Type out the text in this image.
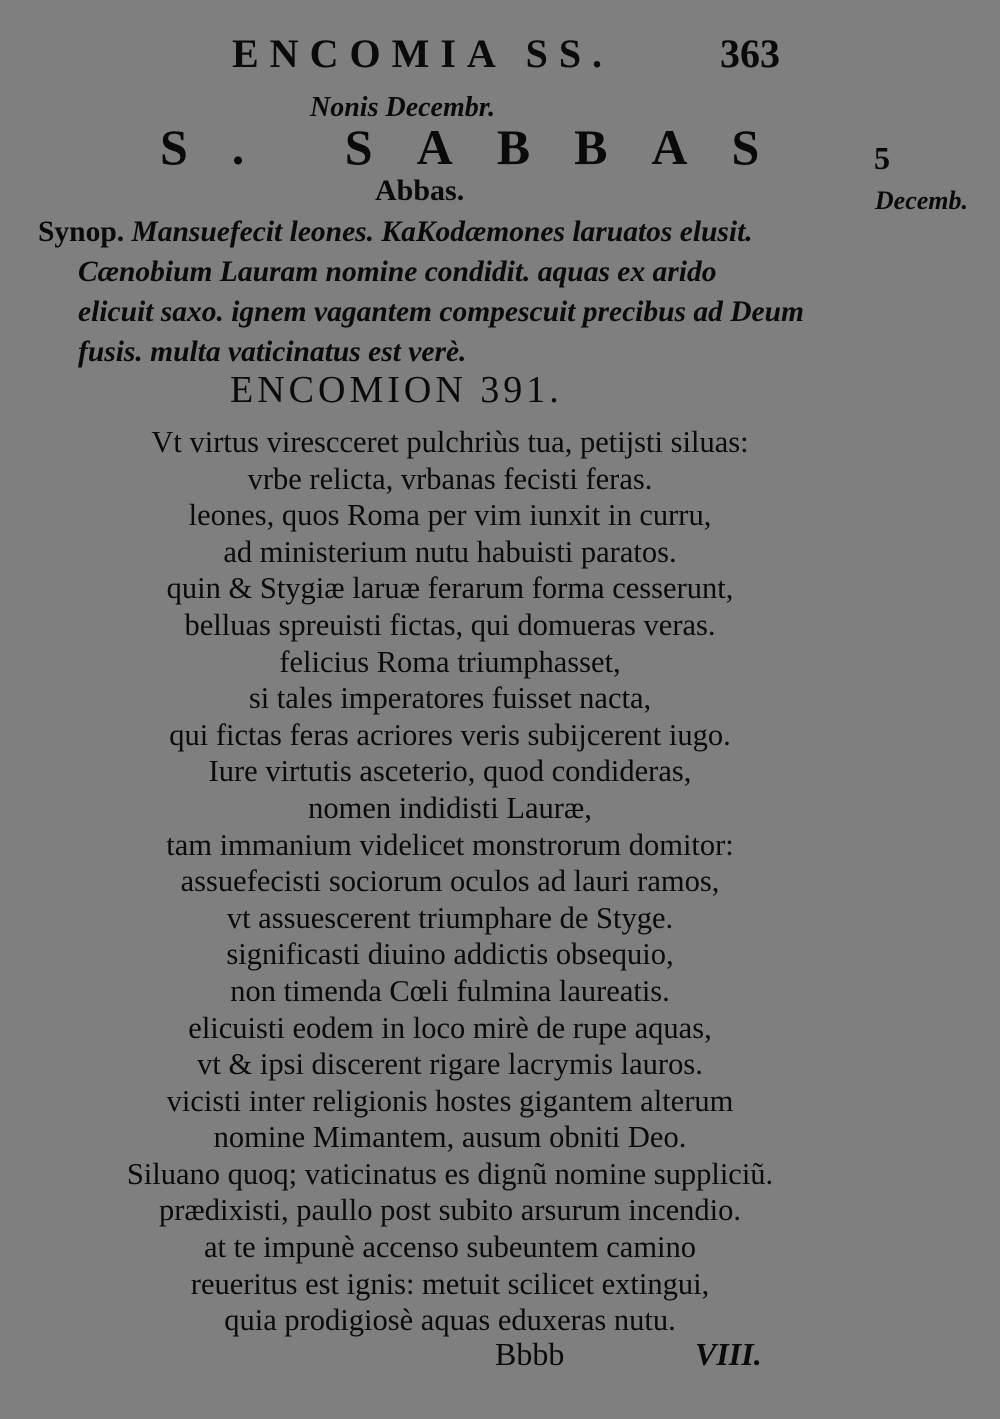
ENCOMIA SS.	363
Nonis Decembr.
S. SABBAS
Abbas.
5
Decemb.
Synop. Mansuefecit leones. KaKodæmones laruatos elusit.
Cænobium Lauram nomine condidit. aquas ex arido
elicuit saxo. ignem vagantem compescuit precibus ad Deum
fusis. multa vaticinatus est verè.
ENCOMION 391.
Vt virtus virescceret pulchriùs tua, petijsti siluas:
vrbe relicta, vrbanas fecisti feras.
leones, quos Roma per vim iunxit in curru,
ad ministerium nutu habuisti paratos.
quin & Stygiæ laruæ ferarum forma cesserunt,
belluas spreuisti fictas, qui domueras veras.
felicius Roma triumphasset,
si tales imperatores fuisset nacta,
qui fictas feras acriores veris subijcerent iugo.
Iure virtutis asceterio, quod condideras,
nomen indidisti Lauræ,
tam immanium videlicet monstrorum domitor:
assuefecisti sociorum oculos ad lauri ramos,
vt assuescerent triumphare de Styge.
significasti diuino addictis obsequio,
non timenda Cœli fulmina laureatis.
elicuisti eodem in loco mirè de rupe aquas,
vt & ipsi discerent rigare lacrymis lauros.
vicisti inter religionis hostes gigantem alterum
nomine Mimantem, ausum obniti Deo.
Siluano quoq; vaticinatus es dignũ nomine suppliciũ.
prædixisti, paullo post subito arsurum incendio.
at te impunè accenso subeuntem camino
reueritus est ignis: metuit scilicet extingui,
quia prodigiosè aquas eduxeras nutu.
Bbbb	VIII.
